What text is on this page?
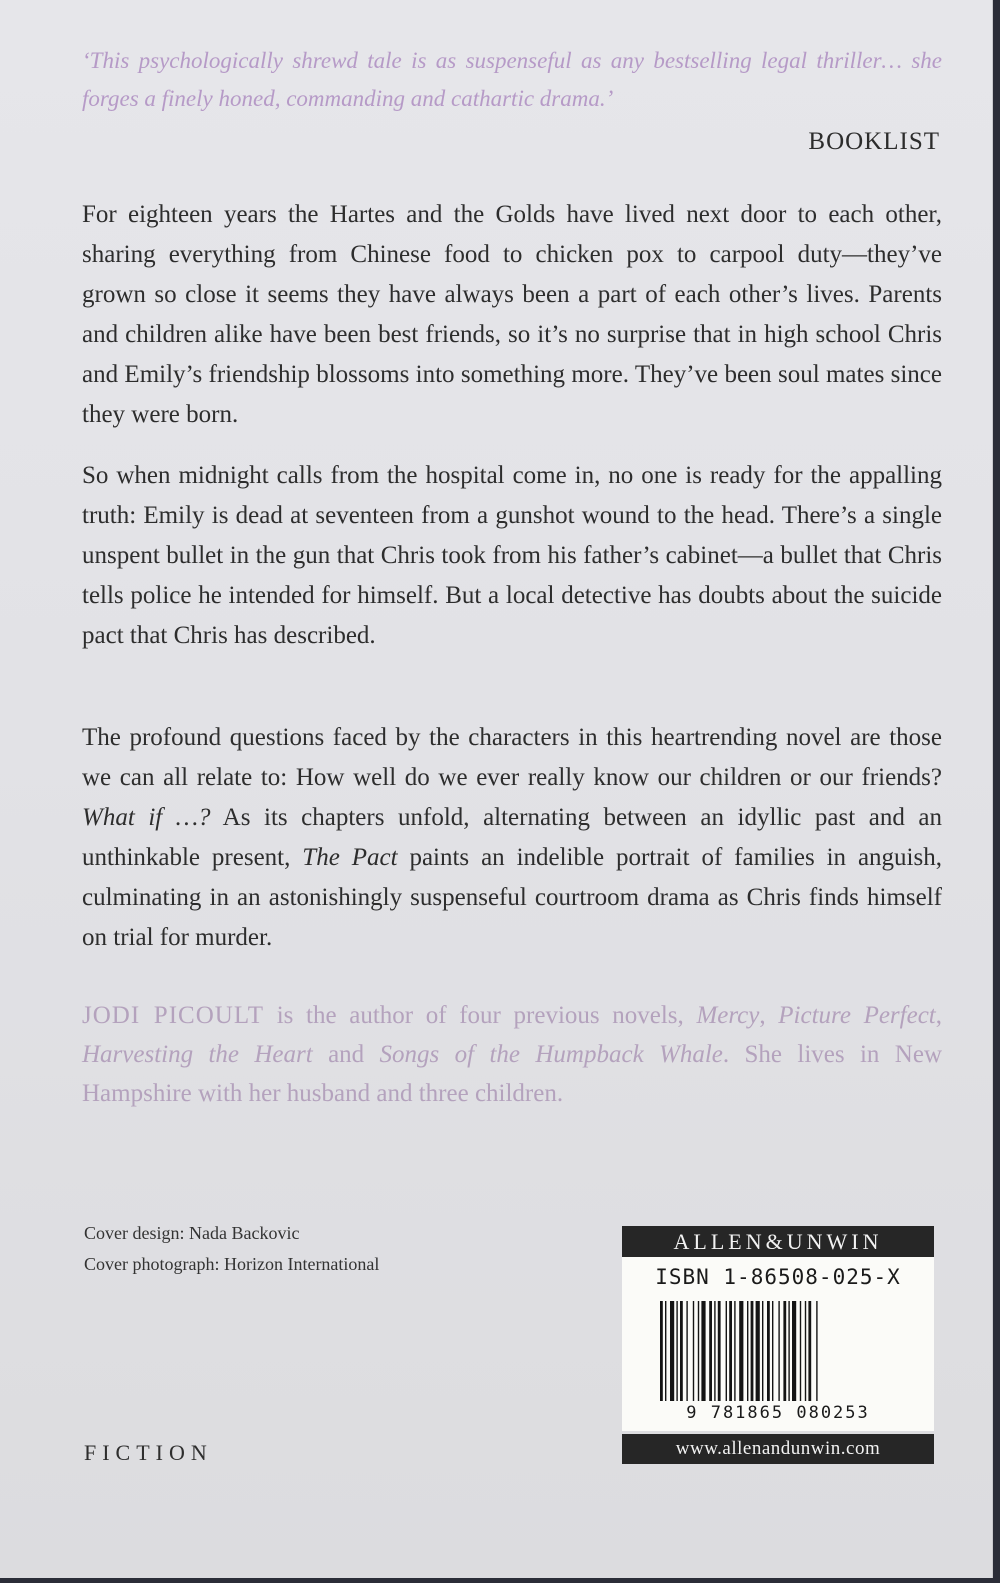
‘This psychologically shrewd tale is as suspenseful as any bestselling legal thriller… she forges a finely honed, commanding and cathartic drama.’
BOOKLIST

For eighteen years the Hartes and the Golds have lived next door to each other, sharing everything from Chinese food to chicken pox to carpool duty—they’ve grown so close it seems they have always been a part of each other’s lives. Parents and children alike have been best friends, so it’s no surprise that in high school Chris and Emily’s friendship blossoms into something more. They’ve been soul mates since they were born.

So when midnight calls from the hospital come in, no one is ready for the appalling truth: Emily is dead at seventeen from a gunshot wound to the head. There’s a single unspent bullet in the gun that Chris took from his father’s cabinet—a bullet that Chris tells police he intended for himself. But a local detective has doubts about the suicide pact that Chris has described.

The profound questions faced by the characters in this heartrending novel are those we can all relate to: How well do we ever really know our children or our friends? What if …? As its chapters unfold, alternating between an idyllic past and an unthinkable present, The Pact paints an indelible portrait of families in anguish, culminating in an astonishingly suspenseful courtroom drama as Chris finds himself on trial for murder.

JODI PICOULT is the author of four previous novels, Mercy, Picture Perfect, Harvesting the Heart and Songs of the Humpback Whale. She lives in New Hampshire with her husband and three children.
Cover design: Nada Backovic
Cover photograph: Horizon International
FICTION
ALLEN&UNWIN
ISBN 1-86508-025-X
9 781865 080253
www.allenandunwin.com
